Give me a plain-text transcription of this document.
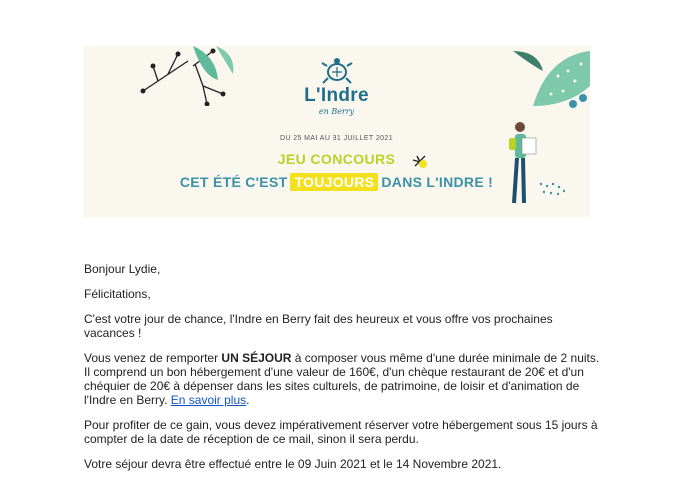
L'Indre
en Berry
DU 25 MAI AU 31 JUILLET 2021
JEU CONCOURS
CET ÉTÉ C'EST TOUJOURS DANS L'INDRE !

Bonjour Lydie,

Félicitations,

C'est votre jour de chance, l'Indre en Berry fait des heureux et vous offre vos prochaines vacances !

Vous venez de remporter UN SÉJOUR à composer vous même d'une durée minimale de 2 nuits. Il comprend un bon hébergement d'une valeur de 160€, d'un chèque restaurant de 20€ et d'un chéquier de 20€ à dépenser dans les sites culturels, de patrimoine, de loisir et d'animation de l'Indre en Berry. En savoir plus.

Pour profiter de ce gain, vous devez impérativement réserver votre hébergement sous 15 jours à compter de la date de réception de ce mail, sinon il sera perdu.

Votre séjour devra être effectué entre le 09 Juin 2021 et le 14 Novembre 2021.
